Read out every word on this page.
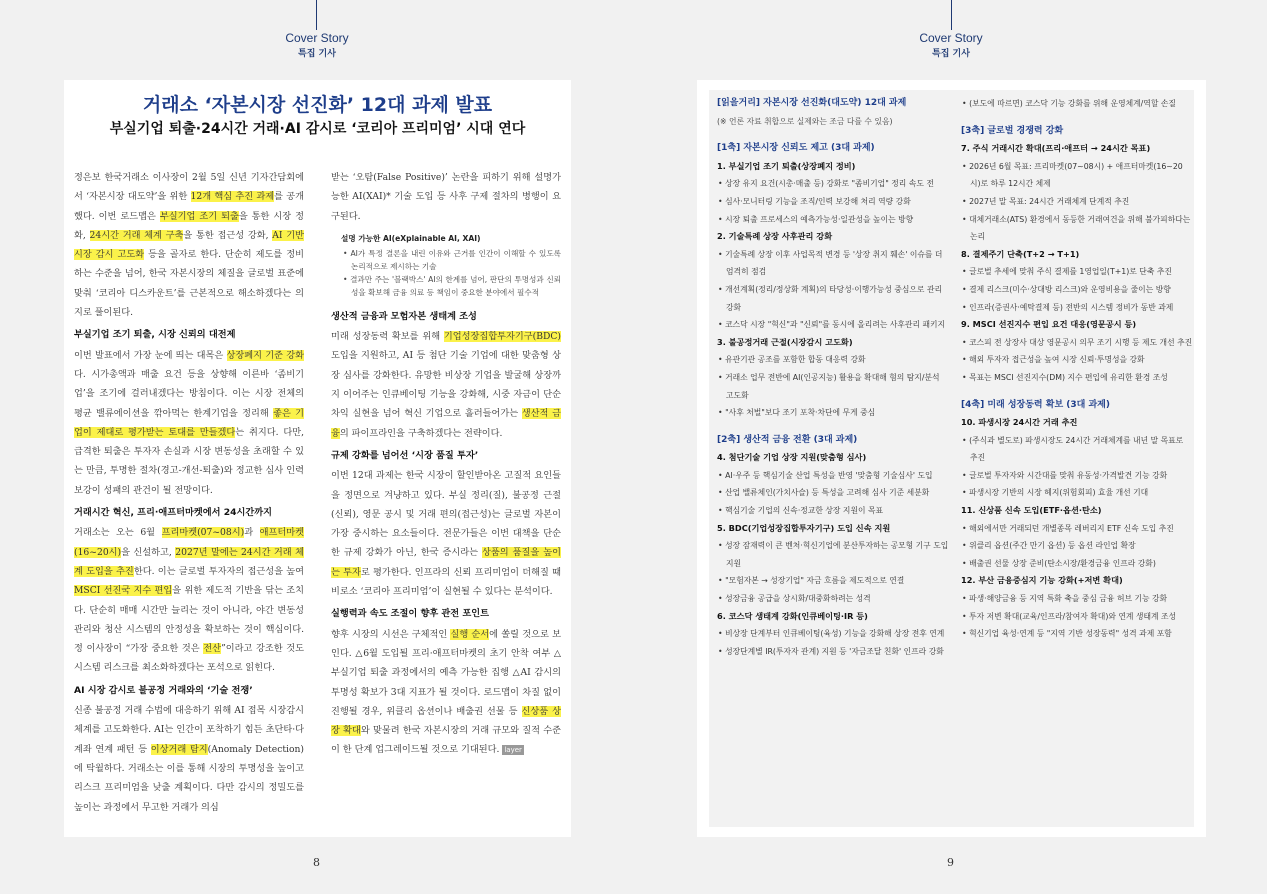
Cover Story
특집 기사
Cover Story
특집 기사
거래소 ‘자본시장 선진화’ 12대 과제 발표
부실기업 퇴출·24시간 거래·AI 감시로 ‘코리아 프리미엄’ 시대 연다

정은보 한국거래소 이사장이 2월 5일 신년 기자간담회에서 ‘자본시장 대도약’을 위한 12개 핵심 추진 과제를 공개했다. 이번 로드맵은 부실기업 조기 퇴출을 통한 시장 정화, 24시간 거래 체계 구축을 통한 접근성 강화, AI 기반 시장 감시 고도화 등을 골자로 한다. 단순히 제도를 정비하는 수준을 넘어, 한국 자본시장의 체질을 글로벌 표준에 맞춰 ‘코리아 디스카운트’를 근본적으로 해소하겠다는 의지로 풀이된다.

부실기업 조기 퇴출, 시장 신뢰의 대전제

이번 발표에서 가장 눈에 띄는 대목은 상장폐지 기준 강화다. 시가총액과 매출 요건 등을 상향해 이른바 ‘좀비기업’을 조기에 걸러내겠다는 방침이다. 이는 시장 전체의 평균 밸류에이션을 깎아먹는 한계기업을 정리해 좋은 기업이 제대로 평가받는 토대를 만들겠다는 취지다. 다만, 급격한 퇴출은 투자자 손실과 시장 변동성을 초래할 수 있는 만큼, 투명한 절차(경고-개선-퇴출)와 정교한 심사 인력 보강이 성패의 관건이 될 전망이다.

거래시간 혁신, 프리·애프터마켓에서 24시간까지

거래소는 오는 6월 프리마켓(07~08시)과 애프터마켓(16~20시)을 신설하고, 2027년 말에는 24시간 거래 체계 도입을 추진한다. 이는 글로벌 투자자의 접근성을 높여 MSCI 선진국 지수 편입을 위한 제도적 기반을 닦는 조치다. 단순히 매매 시간만 늘리는 것이 아니라, 야간 변동성 관리와 청산 시스템의 안정성을 확보하는 것이 핵심이다. 정 이사장이 “가장 중요한 것은 전산”이라고 강조한 것도 시스템 리스크를 최소화하겠다는 포석으로 읽힌다.

AI 시장 감시로 불공정 거래와의 ‘기술 전쟁’

신종 불공정 거래 수법에 대응하기 위해 AI 접목 시장감시 체계를 고도화한다. AI는 인간이 포착하기 힘든 초단타·다계좌 연계 패턴 등 이상거래 탐지(Anomaly Detection)에 탁월하다. 거래소는 이를 통해 시장의 투명성을 높이고 리스크 프리미엄을 낮출 계획이다. 다만 감시의 정밀도를 높이는 과정에서 무고한 거래가 의심

받는 ‘오탐(False Positive)’ 논란을 피하기 위해 설명가능한 AI(XAI)* 기술 도입 등 사후 구제 절차의 병행이 요구된다.

설명 가능한 AI(eXplainable AI, XAI)
• AI가 특정 결론을 내린 이유와 근거를 인간이 이해할 수 있도록 논리적으로 제시하는 기술
• 결과만 주는 '블랙박스' AI의 한계를 넘어, 판단의 투명성과 신뢰성을 확보해 금융 의료 등 책임이 중요한 분야에서 필수적
생산적 금융과 모험자본 생태계 조성

미래 성장동력 확보를 위해 기업성장집합투자기구(BDC) 도입을 지원하고, AI 등 첨단 기술 기업에 대한 맞춤형 상장 심사를 강화한다. 유망한 비상장 기업을 발굴해 상장까지 이어주는 인큐베이팅 기능을 강화해, 시중 자금이 단순 차익 실현을 넘어 혁신 기업으로 흘러들어가는 생산적 금융의 파이프라인을 구축하겠다는 전략이다.

규제 강화를 넘어선 ‘시장 품질 투자’

이번 12대 과제는 한국 시장이 할인받아온 고질적 요인들을 정면으로 겨냥하고 있다. 부실 정리(질), 불공정 근절(신뢰), 영문 공시 및 거래 편의(접근성)는 글로벌 자본이 가장 중시하는 요소들이다. 전문가들은 이번 대책을 단순한 규제 강화가 아닌, 한국 증시라는 상품의 품질을 높이는 투자로 평가한다. 인프라의 신뢰 프리미엄이 더해질 때 비로소 ‘코리아 프리미엄’이 실현될 수 있다는 분석이다.

실행력과 속도 조절이 향후 관전 포인트

향후 시장의 시선은 구체적인 실행 순서에 쏠릴 것으로 보인다. △6월 도입될 프리·애프터마켓의 초기 안착 여부 △부실기업 퇴출 과정에서의 예측 가능한 집행 △AI 감시의 투명성 확보가 3대 지표가 될 것이다. 로드맵이 차질 없이 진행될 경우, 위클리 옵션이나 배출권 선물 등 신상품 상장 확대와 맞물려 한국 자본시장의 거래 규모와 질적 수준이 한 단계 업그레이드될 것으로 기대된다. layer

8
[읽을거리] 자본시장 선진화(대도약) 12대 과제
(※ 언론 자료 취합으로 실제와는 조금 다를 수 있음)
[1축] 자본시장 신뢰도 제고 (3대 과제)
1. 부실기업 조기 퇴출(상장폐지 정비)
• 상장 유지 요건(시총·매출 등) 강화로 "좀비기업" 정리 속도 전
• 심사·모니터링 기능을 조직/인력 보강해 처리 역량 강화
• 시장 퇴출 프로세스의 예측가능성·일관성을 높이는 방향
2. 기술특례 상장 사후관리 강화
• 기술특례 상장 이후 사업목적 변경 등 '상장 취지 훼손' 이슈를 더 엄격히 점검
• 개선계획(정리/정상화 계획)의 타당성·이행가능성 중심으로 관리 강화
• 코스닥 시장 "혁신"과 "신뢰"를 동시에 올리려는 사후관리 패키지
3. 불공정거래 근절(시장감시 고도화)
• 유관기관 공조를 포함한 합동 대응력 강화
• 거래소 업무 전반에 AI(인공지능) 활용을 확대해 혐의 탐지/분석 고도화
• "사후 처벌"보다 조기 포착·차단에 무게 중심
[2축] 생산적 금융 전환 (3대 과제)
4. 첨단기술 기업 상장 지원(맞춤형 심사)
• AI·우주 등 핵심기술 산업 특성을 반영 '맞춤형 기술심사' 도입
• 산업 밸류체인(가치사슬) 등 특성을 고려해 심사 기준 세분화
• 핵심기술 기업의 신속·정교한 상장 지원이 목표
5. BDC(기업성장집합투자기구) 도입 신속 지원
• 성장 잠재력이 큰 벤처·혁신기업에 분산투자하는 공모형 기구 도입 지원
• "모험자본 → 성장기업" 자금 흐름을 제도적으로 연결
• 성장금융 공급을 상시화/대중화하려는 성격
6. 코스닥 생태계 강화(인큐베이팅·IR 등)
• 비상장 단계부터 인큐베이팅(육성) 기능을 강화해 상장 전후 연계
• 성장단계별 IR(투자자 관계) 지원 등 '자금조달 친화' 인프라 강화
• (보도에 따르면) 코스닥 기능 강화를 위해 운영체계/역할 손질
[3축] 글로벌 경쟁력 강화
7. 주식 거래시간 확대(프리·애프터 → 24시간 목표)
• 2026년 6월 목표: 프리마켓(07~08시) + 애프터마켓(16~20시)로 하루 12시간 체제
• 2027년 말 목표: 24시간 거래체계 단계적 추진
• 대체거래소(ATS) 환경에서 동등한 거래여건을 위해 불가피하다는 논리
8. 결제주기 단축(T+2 → T+1)
• 글로벌 추세에 맞춰 주식 결제를 1영업일(T+1)로 단축 추진
• 결제 리스크(미수·상대방 리스크)와 운영비용을 줄이는 방향
• 인프라(증권사·예탁결제 등) 전반의 시스템 정비가 동반 과제
9. MSCI 선진지수 편입 요건 대응(영문공시 등)
• 코스피 전 상장사 대상 영문공시 의무 조기 시행 등 제도 개선 추진
• 해외 투자자 접근성을 높여 시장 신뢰·투명성을 강화
• 목표는 MSCI 선진지수(DM) 지수 편입에 유리한 환경 조성
[4축] 미래 성장동력 확보 (3대 과제)
10. 파생시장 24시간 거래 추진
• (주식과 별도로) 파생시장도 24시간 거래체계를 내년 말 목표로 추진
• 글로벌 투자자와 시간대를 맞춰 유동성·가격발견 기능 강화
• 파생시장 기반의 시장 헤지(위험회피) 효율 개선 기대
11. 신상품 신속 도입(ETF·옵션·탄소)
• 해외에서만 거래되던 개별종목 레버리지 ETF 신속 도입 추진
• 위클리 옵션(주간 만기 옵션) 등 옵션 라인업 확장
• 배출권 선물 상장 준비(탄소시장/환경금융 인프라 강화)
12. 부산 금융중심지 기능 강화(+저변 확대)
• 파생·해양금융 등 지역 특화 축을 중심 금융 허브 기능 강화
• 투자 저변 확대(교육/인프라/참여자 확대)와 연계 생태계 조성
• 혁신기업 육성·연계 등 "지역 기반 성장동력" 성격 과제 포함
9
